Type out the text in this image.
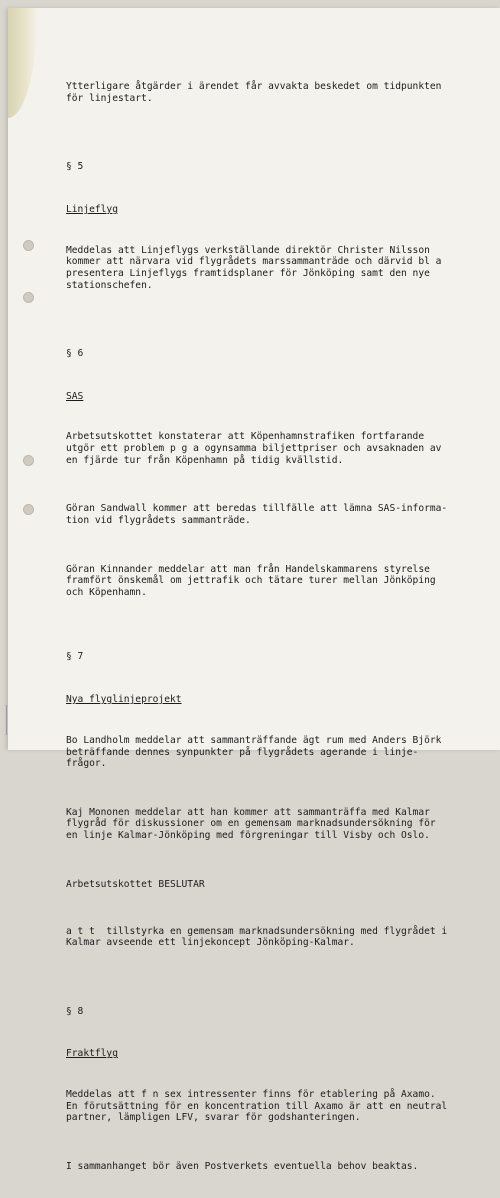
Ytterligare åtgärder i ärendet får avvakta beskedet om tidpunkten
för linjestart.

§ 5

Linjeflyg

Meddelas att Linjeflygs verkställande direktör Christer Nilsson
kommer att närvara vid flygrådets marssammanträde och därvid bl a
presentera Linjeflygs framtidsplaner för Jönköping samt den nye
stationschefen.

§ 6

SAS

Arbetsutskottet konstaterar att Köpenhamnstrafiken fortfarande
utgör ett problem p g a ogynsamma biljettpriser och avsaknaden av
en fjärde tur från Köpenhamn på tidig kvällstid.

Göran Sandwall kommer att beredas tillfälle att lämna SAS-informa-
tion vid flygrådets sammanträde.

Göran Kinnander meddelar att man från Handelskammarens styrelse
framfört önskemål om jettrafik och tätare turer mellan Jönköping
och Köpenhamn.

§ 7

Nya flyglinjeprojekt

Bo Landholm meddelar att sammanträffande ägt rum med Anders Björk
beträffande dennes synpunkter på flygrådets agerande i linje-
frågor.

Kaj Mononen meddelar att han kommer att sammanträffa med Kalmar
flygråd för diskussioner om en gemensam marknadsundersökning för
en linje Kalmar-Jönköping med förgreningar till Visby och Oslo.

Arbetsutskottet BESLUTAR

a t t  tillstyrka en gemensam marknadsundersökning med flygrådet i
Kalmar avseende ett linjekoncept Jönköping-Kalmar.

§ 8

Fraktflyg

Meddelas att f n sex intressenter finns för etablering på Axamo.
En förutsättning för en koncentration till Axamo är att en neutral
partner, lämpligen LFV, svarar för godshanteringen.

I sammanhanget bör även Postverkets eventuella behov beaktas.
